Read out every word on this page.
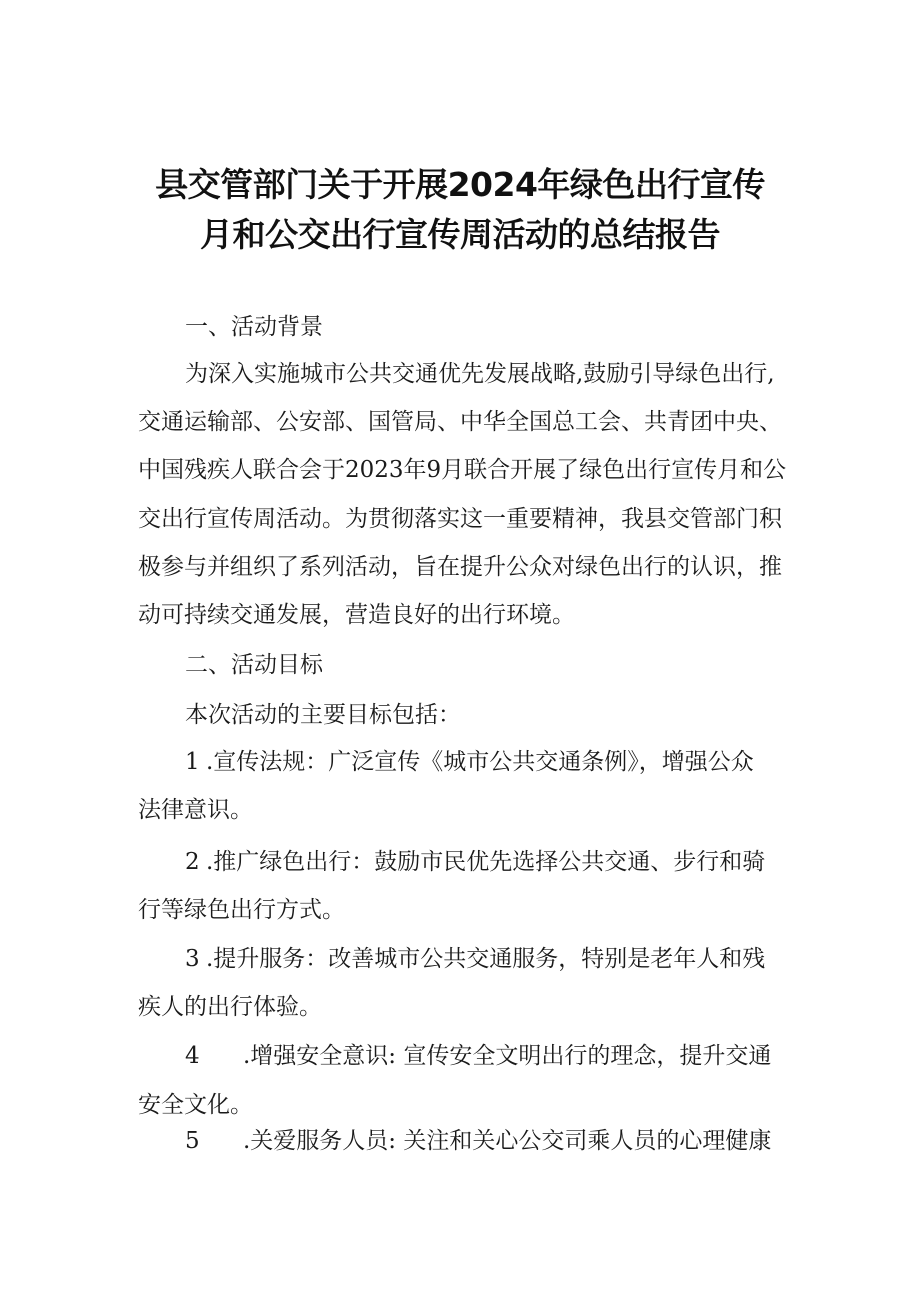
县交管部门关于开展2024年绿色出行宣传
月和公交出行宣传周活动的总结报告
一、活动背景
为深入实施城市公共交通优先发展战略,鼓励引导绿色出行,
交通运输部、公安部、国管局、中华全国总工会、共青团中央、
中国残疾人联合会于2023年9月联合开展了绿色出行宣传月和公
交出行宣传周活动。为贯彻落实这一重要精神，我县交管部门积
极参与并组织了系列活动，旨在提升公众对绿色出行的认识，推
动可持续交通发展，营造良好的出行环境。
二、活动目标
本次活动的主要目标包括：
1 .宣传法规：广泛宣传《城市公共交通条例》，增强公众
法律意识。
2 .推广绿色出行：鼓励市民优先选择公共交通、步行和骑
行等绿色出行方式。
3 .提升服务：改善城市公共交通服务，特别是老年人和残
疾人的出行体验。
4 .增强安全意识: 宣传安全文明出行的理念，提升交通
安全文化。
5 .关爱服务人员: 关注和关心公交司乘人员的心理健康
